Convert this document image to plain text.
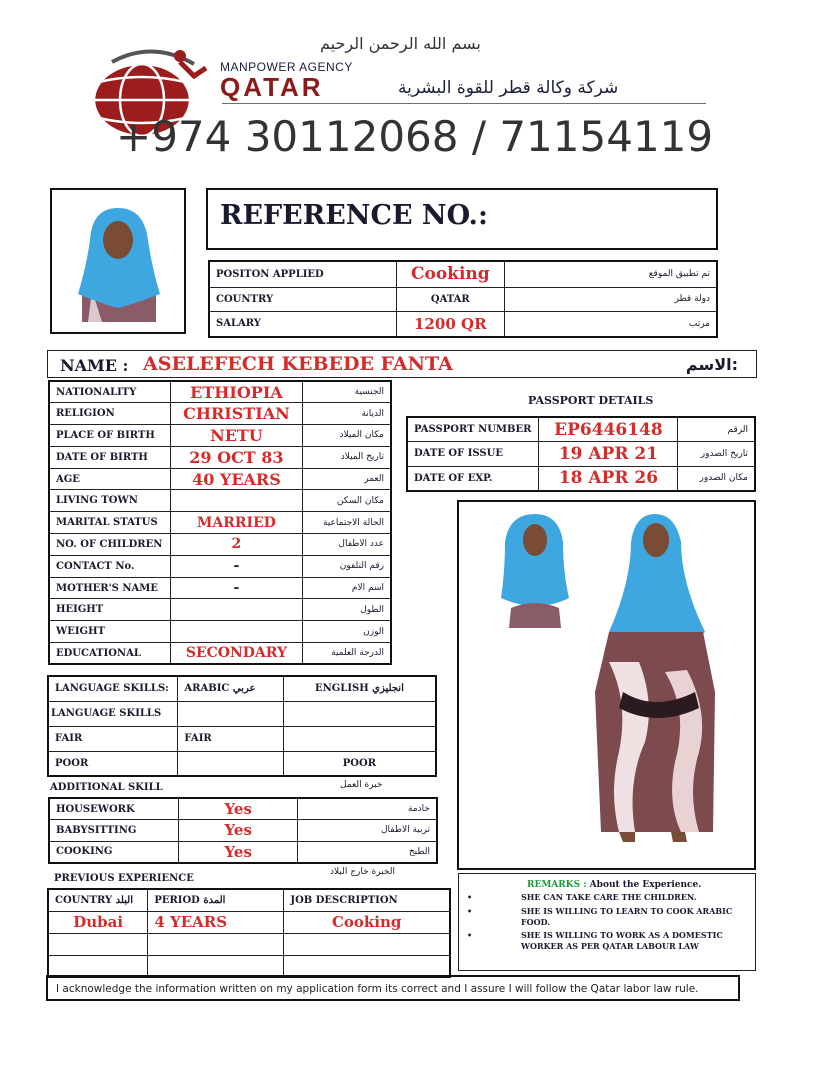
بسم الله الرحمن الرحيم
MANPOWER AGENCY
QATAR	شركة وكالة قطر للقوة البشرية
+974 30112068 / 71154119
REFERENCE NO.:
POSITON APPLIED	Cooking	تم تطبيق الموقع
COUNTRY	QATAR	دولة قطر
SALARY	1200 QR	مرتب
NAME : ASELEFECH KEBEDE FANTA	الاسم:
NATIONALITY	ETHIOPIA	الجنسية
RELIGION	CHRISTIAN	الديانة
PLACE OF BIRTH	NETU	مكان الميلاد
DATE OF BIRTH	29 OCT 83	تاريخ الميلاد
AGE	40 YEARS	العمر
LIVING TOWN		مكان السكن
MARITAL STATUS	MARRIED	الحالة الاجتماعية
NO. OF CHILDREN	2	عدد الاطفال
CONTACT No.	-	رقم التلفون
MOTHER'S NAME	-	اسم الام
HEIGHT		الطول
WEIGHT		الوزن
EDUCATIONAL	SECONDARY	الدرجة العلمية
PASSPORT DETAILS
PASSPORT NUMBER	EP6446148	الرقم
DATE OF ISSUE	19 APR 21	تاريخ الصدور
DATE OF EXP.	18 APR 26	مكان الصدور
LANGUAGE SKILLS:	ARABIC عربي	ENGLISH انجليزي
LANGUAGE SKILLS		
FAIR	FAIR	
POOR		POOR
ADDITIONAL SKILL	خبرة العمل
HOUSEWORK	Yes	خادمة
BABYSITTING	Yes	تربية الاطفال
COOKING	Yes	الطبخ
PREVIOUS EXPERIENCE
الخبرة خارج البلاد
COUNTRY البلد	PERIOD المدة	JOB DESCRIPTION
Dubai	4 YEARS	Cooking

REMARKS : About the Experience.
•	SHE CAN TAKE CARE THE CHILDREN.
•	SHE IS WILLING TO LEARN TO COOK ARABIC FOOD.
•	SHE IS WILLING TO WORK AS A DOMESTIC WORKER AS PER QATAR LABOUR LAW
I acknowledge the information written on my application form its correct and I assure I will follow the Qatar labor law rule.
